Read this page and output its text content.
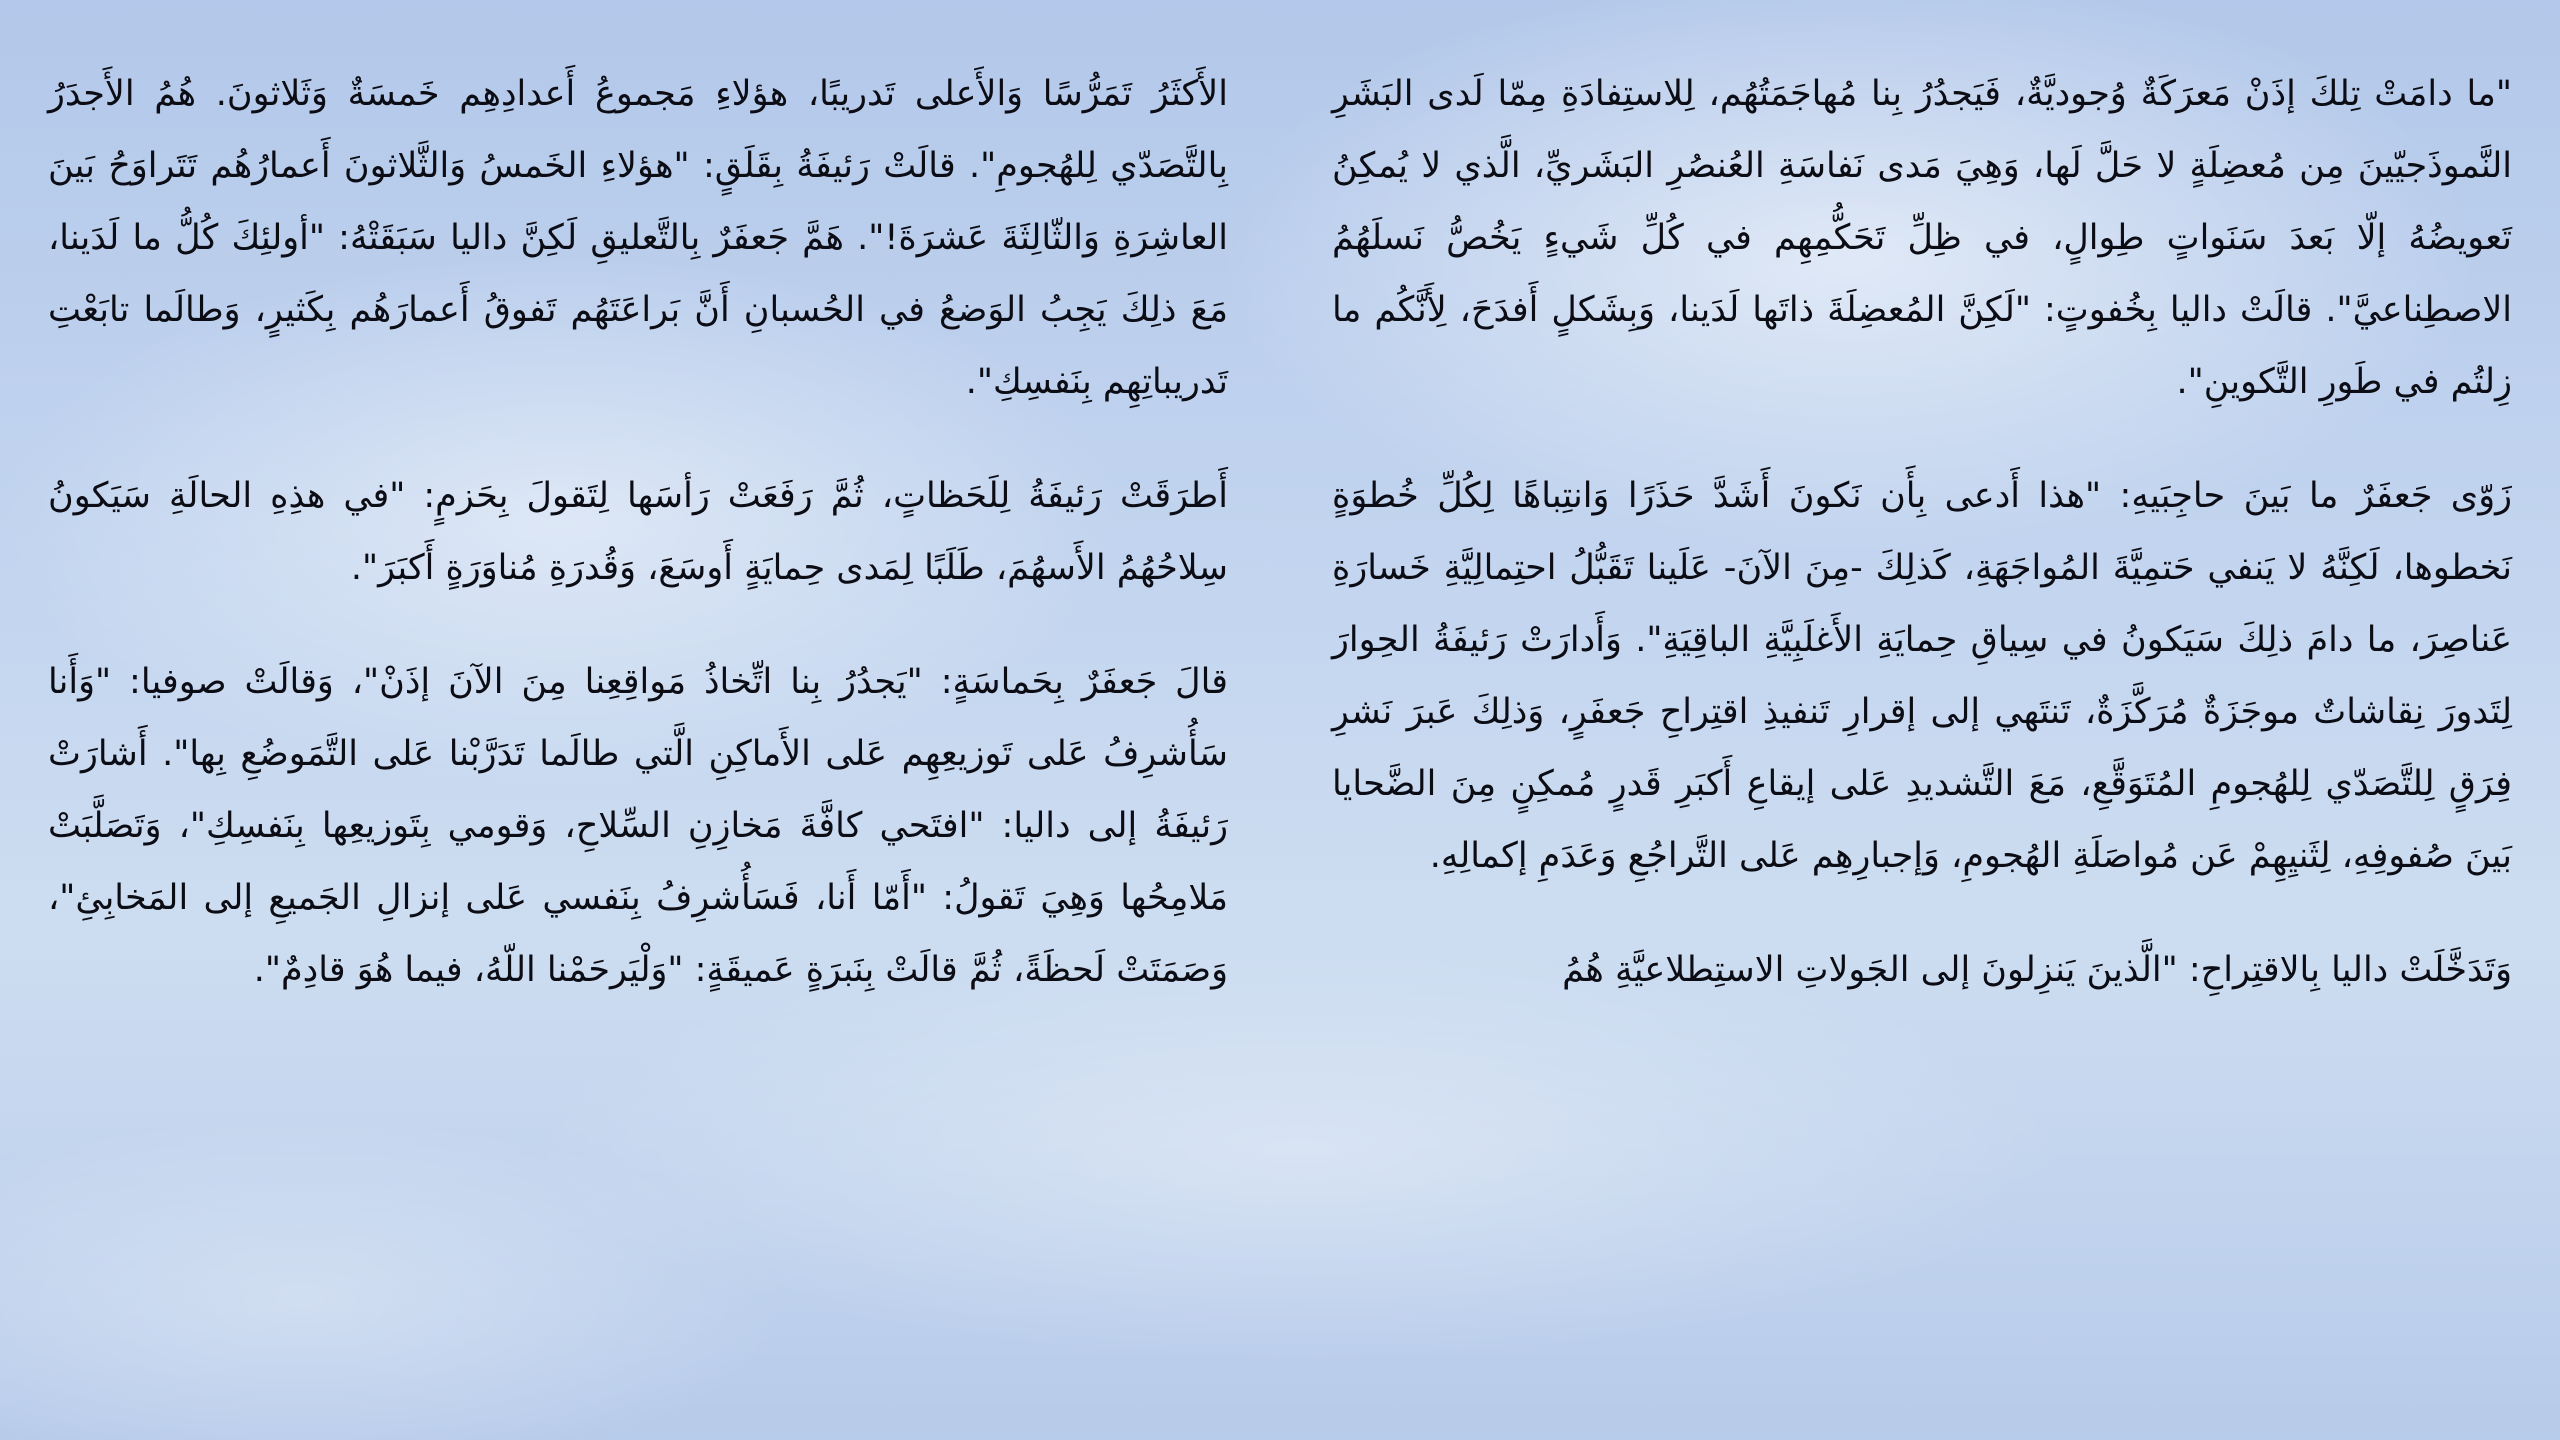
"ما دامَتْ تِلكَ إذَنْ مَعرَكَةٌ وُجوديَّةٌ، فَيَجدُرُ بِنا مُهاجَمَتُهُم، لِلاستِفادَةِ مِمّا لَدى البَشَرِ النَّموذَجيّينَ مِن مُعضِلَةٍ لا حَلَّ لَها، وَهِيَ مَدى نَفاسَةِ العُنصُرِ البَشَريِّ، الَّذي لا يُمكِنُ تَعويضُهُ إلّا بَعدَ سَنَواتٍ طِوالٍ، في ظِلِّ تَحَكُّمِهِم في كُلِّ شَيءٍ يَخُصُّ نَسلَهُمُ الاصطِناعيَّ". قالَتْ داليا بِخُفوتٍ: "لَكِنَّ المُعضِلَةَ ذاتَها لَدَينا، وَبِشَكلٍ أَفدَحَ، لِأَنَّكُم ما زِلتُم في طَورِ التَّكوينِ".

زَوّى جَعفَرٌ ما بَينَ حاجِبَيهِ: "هذا أَدعى بِأَن نَكونَ أَشَدَّ حَذَرًا وَانتِباهًا لِكُلِّ خُطوَةٍ نَخطوها، لَكِنَّهُ لا يَنفي حَتمِيَّةَ المُواجَهَةِ، كَذلِكَ -مِنَ الآنَ- عَلَينا تَقَبُّلُ احتِمالِيَّةِ خَسارَةِ عَناصِرَ، ما دامَ ذلِكَ سَيَكونُ في سِياقِ حِمايَةِ الأَغلَبِيَّةِ الباقِيَةِ". وَأَدارَتْ رَئيفَةُ الحِوارَ لِتَدورَ نِقاشاتٌ موجَزَةٌ مُرَكَّزَةٌ، تَنتَهي إلى إقرارِ تَنفيذِ اقتِراحِ جَعفَرٍ، وَذلِكَ عَبرَ نَشرِ فِرَقٍ لِلتَّصَدّي لِلهُجومِ المُتَوَقَّعِ، مَعَ التَّشديدِ عَلى إيقاعِ أَكبَرِ قَدرٍ مُمكِنٍ مِنَ الضَّحايا بَينَ صُفوفِهِ، لِثَنيِهِمْ عَن مُواصَلَةِ الهُجومِ، وَإجبارِهِم عَلى التَّراجُعِ وَعَدَمِ إكمالِهِ.

وَتَدَخَّلَتْ داليا بِالاقتِراحِ: "الَّذينَ يَنزِلونَ إلى الجَولاتِ الاستِطلاعيَّةِ هُمُ

الأَكثَرُ تَمَرُّسًا وَالأَعلى تَدريبًا، هؤلاءِ مَجموعُ أَعدادِهِم خَمسَةٌ وَثَلاثونَ. هُمُ الأَجدَرُ بِالتَّصَدّي لِلهُجومِ". قالَتْ رَئيفَةُ بِقَلَقٍ: "هؤلاءِ الخَمسُ وَالثَّلاثونَ أَعمارُهُم تَتَراوَحُ بَينَ العاشِرَةِ وَالثّالِثَةَ عَشرَةَ!". هَمَّ جَعفَرٌ بِالتَّعليقِ لَكِنَّ داليا سَبَقَتْهُ: "أولئِكَ كُلُّ ما لَدَينا، مَعَ ذلِكَ يَجِبُ الوَضعُ في الحُسبانِ أَنَّ بَراعَتَهُم تَفوقُ أَعمارَهُم بِكَثيرٍ، وَطالَما تابَعْتِ تَدريباتِهِم بِنَفسِكِ".

أَطرَقَتْ رَئيفَةُ لِلَحَظاتٍ، ثُمَّ رَفَعَتْ رَأسَها لِتَقولَ بِحَزمٍ: "في هذِهِ الحالَةِ سَيَكونُ سِلاحُهُمُ الأَسهُمَ، طَلَبًا لِمَدى حِمايَةٍ أَوسَعَ، وَقُدرَةِ مُناوَرَةٍ أَكبَرَ".

قالَ جَعفَرٌ بِحَماسَةٍ: "يَجدُرُ بِنا اتِّخاذُ مَواقِعِنا مِنَ الآنَ إذَنْ"، وَقالَتْ صوفيا: "وَأَنا سَأُشرِفُ عَلى تَوزيعِهِم عَلى الأَماكِنِ الَّتي طالَما تَدَرَّبْنا عَلى التَّمَوضُعِ بِها". أَشارَتْ رَئيفَةُ إلى داليا: "افتَحي كافَّةَ مَخازِنِ السِّلاحِ، وَقومي بِتَوزيعِها بِنَفسِكِ"، وَتَصَلَّبَتْ مَلامِحُها وَهِيَ تَقولُ: "أَمّا أَنا، فَسَأُشرِفُ بِنَفسي عَلى إنزالِ الجَميعِ إلى المَخابِئِ"، وَصَمَتَتْ لَحظَةً، ثُمَّ قالَتْ بِنَبرَةٍ عَميقَةٍ: "وَلْيَرحَمْنا اللّهُ، فيما هُوَ قادِمٌ".
